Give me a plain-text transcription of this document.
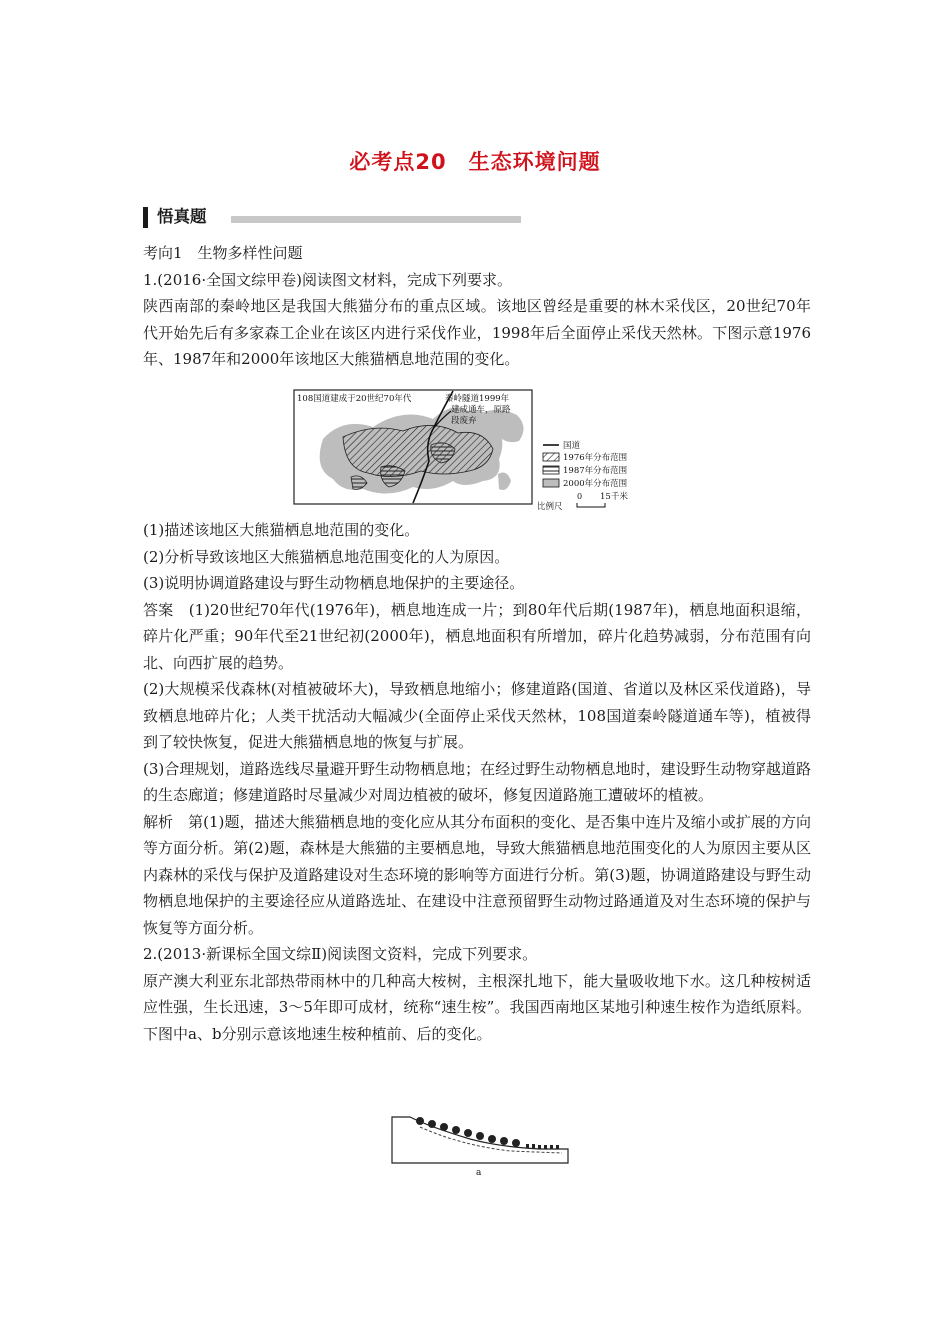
必考点20　生态环境问题
悟真题

考向1　生物多样性问题

1.(2016·全国文综甲卷)阅读图文材料，完成下列要求。

陕西南部的秦岭地区是我国大熊猫分布的重点区域。该地区曾经是重要的林木采伐区，20世纪70年代开始先后有多家森工企业在该区内进行采伐作业，1998年后全面停止采伐天然林。下图示意1976年、1987年和2000年该地区大熊猫栖息地范围的变化。

108国道建成于20世纪70年代	秦岭隧道1999年
建成通车，原路
段废弃
国道
1976年分布范围
1987年分布范围
2000年分布范围
比例尺
0 15千米

(1)描述该地区大熊猫栖息地范围的变化。

(2)分析导致该地区大熊猫栖息地范围变化的人为原因。

(3)说明协调道路建设与野生动物栖息地保护的主要途径。

答案　(1)20世纪70年代(1976年)，栖息地连成一片；到80年代后期(1987年)，栖息地面积退缩，碎片化严重；90年代至21世纪初(2000年)，栖息地面积有所增加，碎片化趋势减弱，分布范围有向北、向西扩展的趋势。

(2)大规模采伐森林(对植被破坏大)，导致栖息地缩小；修建道路(国道、省道以及林区采伐道路)，导致栖息地碎片化；人类干扰活动大幅减少(全面停止采伐天然林，108国道秦岭隧道通车等)，植被得到了较快恢复，促进大熊猫栖息地的恢复与扩展。

(3)合理规划，道路选线尽量避开野生动物栖息地；在经过野生动物栖息地时，建设野生动物穿越道路的生态廊道；修建道路时尽量减少对周边植被的破坏，修复因道路施工遭破坏的植被。

解析　第(1)题，描述大熊猫栖息地的变化应从其分布面积的变化、是否集中连片及缩小或扩展的方向等方面分析。第(2)题，森林是大熊猫的主要栖息地，导致大熊猫栖息地范围变化的人为原因主要从区内森林的采伐与保护及道路建设对生态环境的影响等方面进行分析。第(3)题，协调道路建设与野生动物栖息地保护的主要途径应从道路选址、在建设中注意预留野生动物过路通道及对生态环境的保护与恢复等方面分析。

2.(2013·新课标全国文综Ⅱ)阅读图文资料，完成下列要求。

原产澳大利亚东北部热带雨林中的几种高大桉树，主根深扎地下，能大量吸收地下水。这几种桉树适应性强，生长迅速，3～5年即可成材，统称“速生桉”。我国西南地区某地引种速生桉作为造纸原料。下图中a、b分别示意该地速生桉种植前、后的变化。

a
